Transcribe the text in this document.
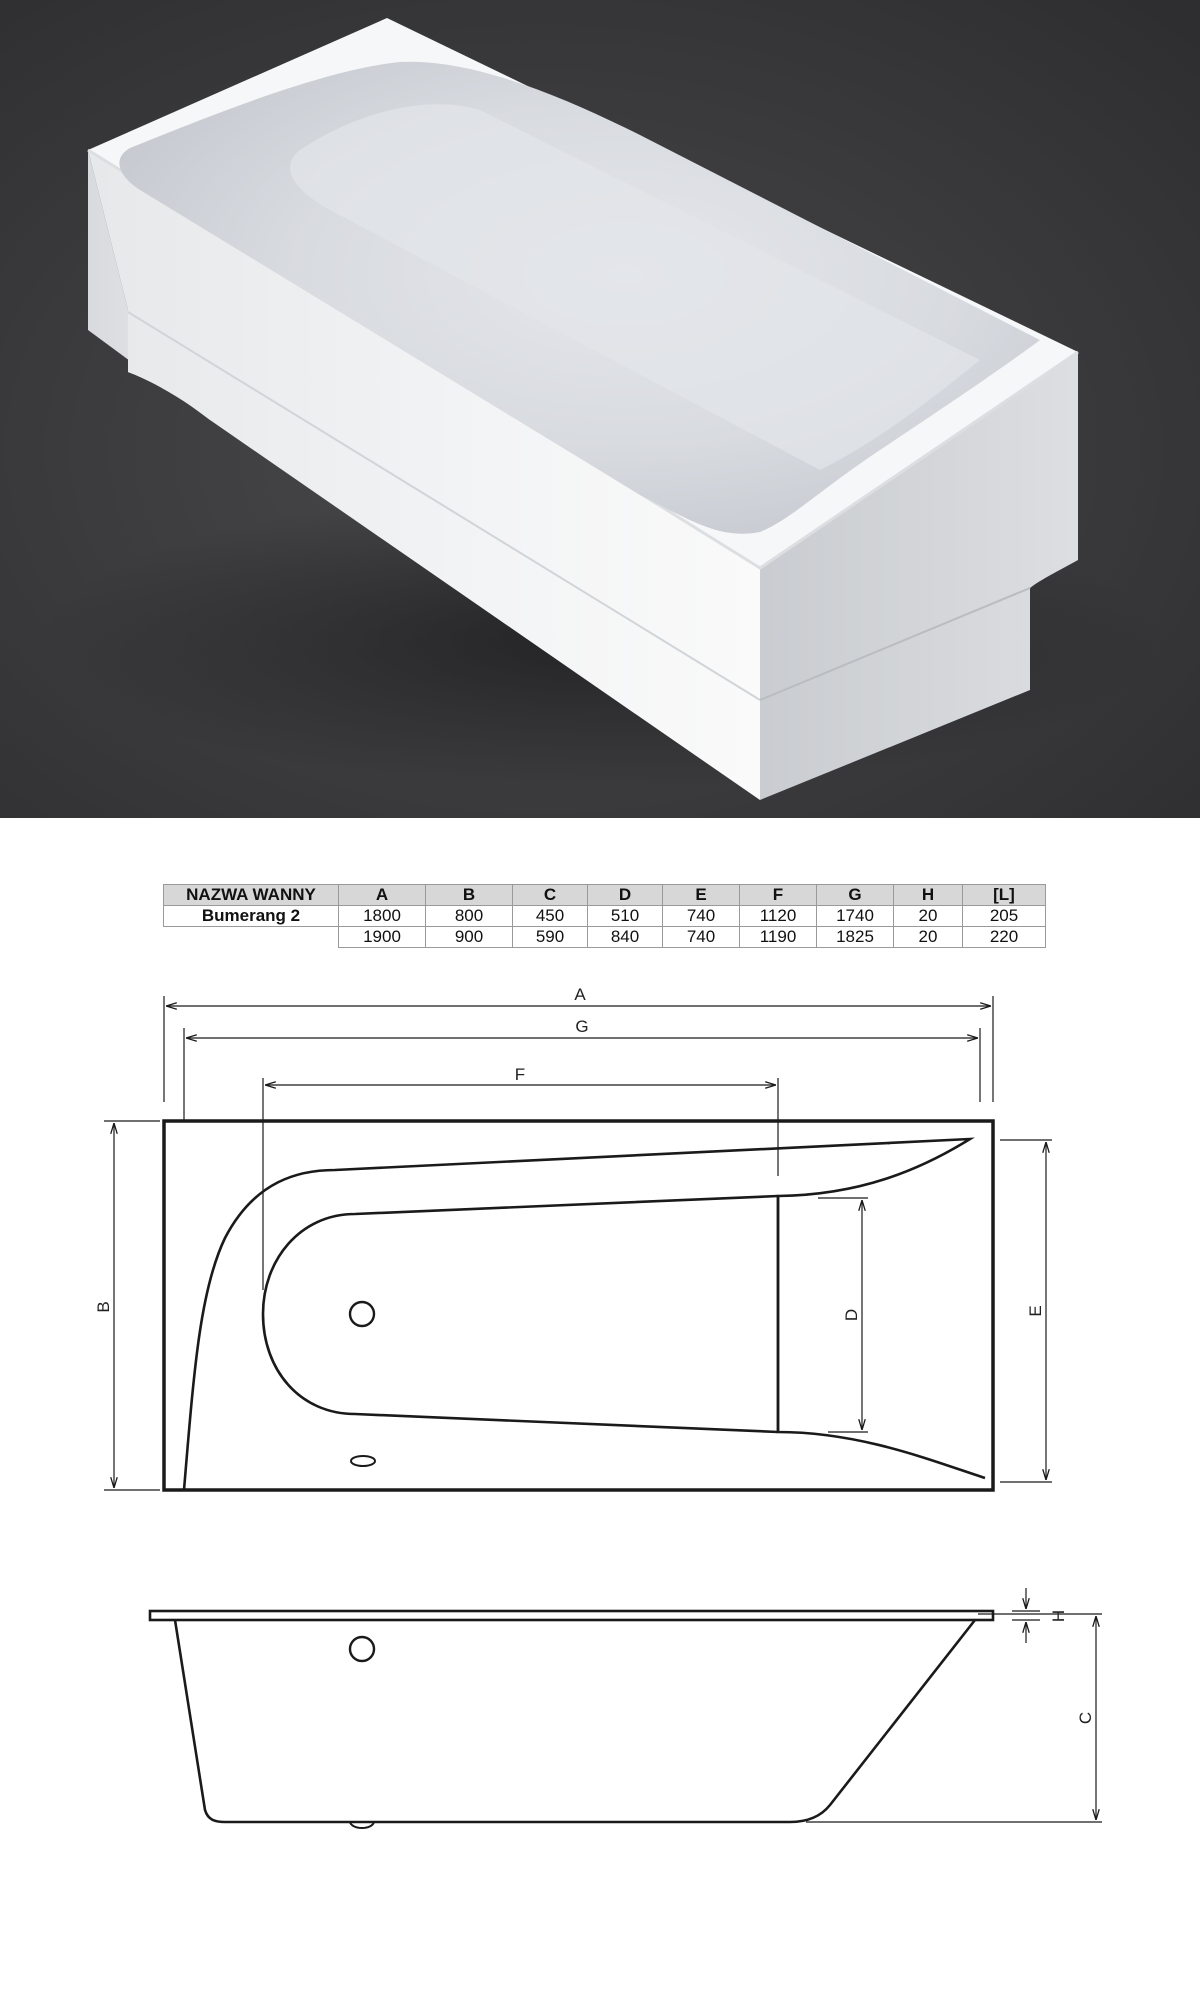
NAZWA WANNY	A	B	C	D	E	F	G	H	[L]
Bumerang 2	1800	800	450	510	740	1120	1740	20	205
	1900	900	590	840	740	1190	1825	20	220
A
G
F
B	E
D
C
H
